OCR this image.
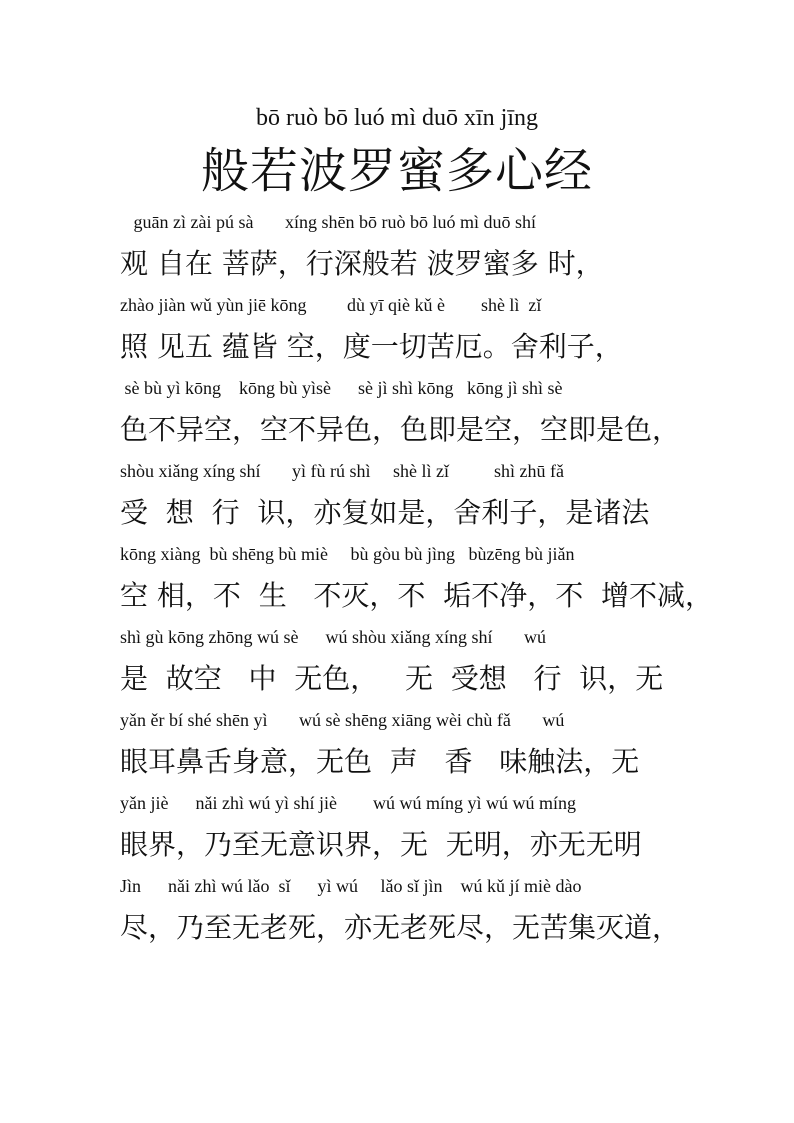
bō ruò bō luó mì duō xīn jīng
般若波罗蜜多心经
guān zì zài pú sà       xíng shēn bō ruò bō luó mì duō shí
观 自在 菩萨，行深般若 波罗蜜多 时，
zhào jiàn wǔ yùn jiē kōng         dù yī qiè kǔ è        shè lì  zǐ
照 见五 蕴皆 空，度一切苦厄。舍利子，
sè bù yì kōng    kōng bù yìsè      sè jì shì kōng   kōng jì shì sè
色不异空，空不异色，色即是空，空即是色，
shòu xiǎng xíng shí       yì fù rú shì     shè lì zǐ          shì zhū fǎ
受  想  行  识，亦复如是，舍利子，是诸法
kōng xiàng  bù shēng bù miè     bù gòu bù jìng   bùzēng bù jiǎn
空 相，不  生   不灭，不  垢不净，不  增不减，
shì gù kōng zhōng wú sè      wú shòu xiǎng xíng shí       wú
是  故空   中  无色，   无  受想   行  识，无
yǎn ěr bí shé shēn yì       wú sè shēng xiāng wèi chù fǎ       wú
眼耳鼻舌身意，无色  声   香   味触法，无
yǎn jiè      nǎi zhì wú yì shí jiè        wú wú míng yì wú wú míng
眼界，乃至无意识界，无  无明，亦无无明
Jìn      nǎi zhì wú lǎo  sǐ      yì wú     lǎo sǐ jìn    wú kǔ jí miè dào
尽，乃至无老死，亦无老死尽，无苦集灭道，
